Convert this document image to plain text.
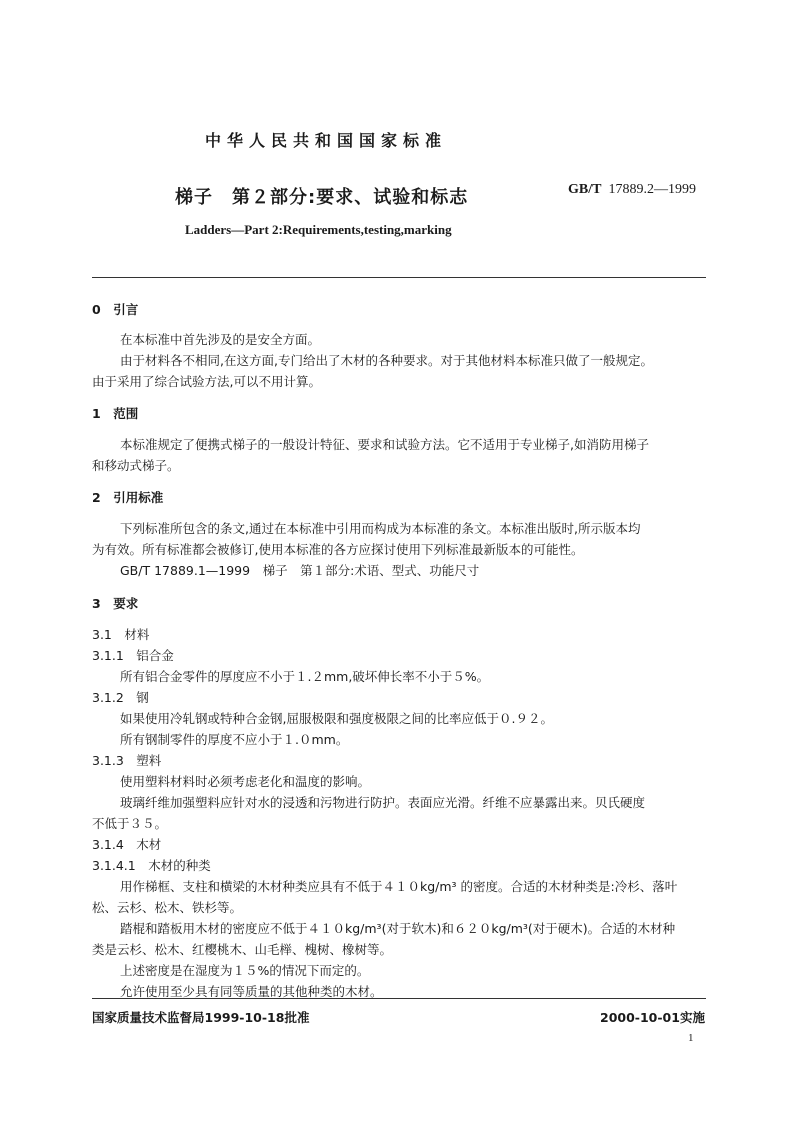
中华人民共和国国家标准
梯子　第２部分:要求、试验和标志	GB/T 17889.2—1999
Ladders—Part 2:Requirements,testing,marking
0　引言
在本标准中首先涉及的是安全方面。
由于材料各不相同,在这方面,专门给出了木材的各种要求。对于其他材料本标准只做了一般规定。
由于采用了综合试验方法,可以不用计算。
1　范围
本标准规定了便携式梯子的一般设计特征、要求和试验方法。它不适用于专业梯子,如消防用梯子
和移动式梯子。
2　引用标准
下列标准所包含的条文,通过在本标准中引用而构成为本标准的条文。本标准出版时,所示版本均
为有效。所有标准都会被修订,使用本标准的各方应探讨使用下列标准最新版本的可能性。
GB/T 17889.1—1999　梯子　第１部分:术语、型式、功能尺寸
3　要求
3.1　材料
3.1.1　铝合金
所有铝合金零件的厚度应不小于１.２mm,破坏伸长率不小于５%。
3.1.2　钢
如果使用冷轧钢或特种合金钢,屈服极限和强度极限之间的比率应低于０.９２。
所有钢制零件的厚度不应小于１.０mm。
3.1.3　塑料
使用塑料材料时必须考虑老化和温度的影响。
玻璃纤维加强塑料应针对水的浸透和污物进行防护。表面应光滑。纤维不应暴露出来。贝氏硬度
不低于３５。
3.1.4　木材
3.1.4.1　木材的种类
用作梯框、支柱和横梁的木材种类应具有不低于４１０kg/m³ 的密度。合适的木材种类是:冷杉、落叶
松、云杉、松木、铁杉等。
踏棍和踏板用木材的密度应不低于４１０kg/m³(对于软木)和６２０kg/m³(对于硬木)。合适的木材种
类是云杉、松木、红樱桃木、山毛榉、槐树、橡树等。
上述密度是在湿度为１５%的情况下而定的。
允许使用至少具有同等质量的其他种类的木材。
国家质量技术监督局1999-10-18批准	2000-10-01实施
1
